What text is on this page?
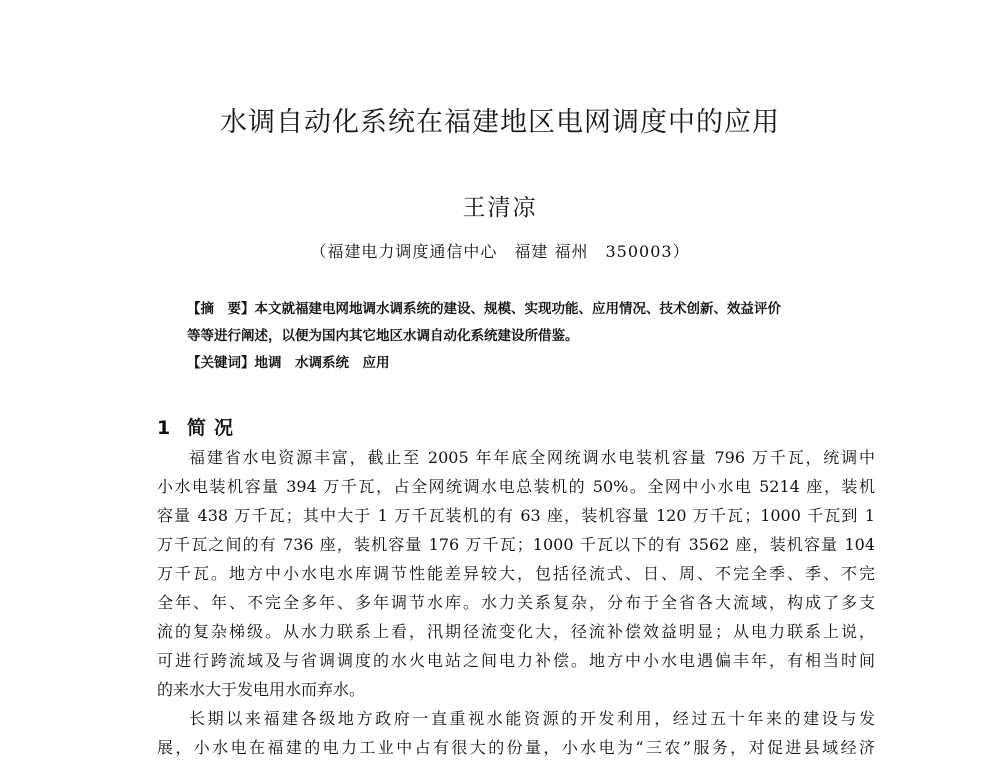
水调自动化系统在福建地区电网调度中的应用
王清凉
（福建电力调度通信中心　福建 福州　350003）

【摘　要】本文就福建电网地调水调系统的建设、规模、实现功能、应用情况、技术创新、效益评价

等等进行阐述，以便为国内其它地区水调自动化系统建设所借鉴。

【关键词】地调　水调系统　应用

1 简况
福建省水电资源丰富，截止至 2005 年年底全网统调水电装机容量 796 万千瓦，统调中
小水电装机容量 394 万千瓦，占全网统调水电总装机的 50%。全网中小水电 5214 座，装机
容量 438 万千瓦；其中大于 1 万千瓦装机的有 63 座，装机容量 120 万千瓦；1000 千瓦到 1
万千瓦之间的有 736 座，装机容量 176 万千瓦；1000 千瓦以下的有 3562 座，装机容量 104
万千瓦。地方中小水电水库调节性能差异较大，包括径流式、日、周、不完全季、季、不完
全年、年、不完全多年、多年调节水库。水力关系复杂，分布于全省各大流域，构成了多支
流的复杂梯级。从水力联系上看，汛期径流变化大，径流补偿效益明显；从电力联系上说，
可进行跨流域及与省调调度的水火电站之间电力补偿。地方中小水电遇偏丰年，有相当时间
的来水大于发电用水而弃水。
长期以来福建各级地方政府一直重视水能资源的开发利用，经过五十年来的建设与发
展，小水电在福建的电力工业中占有很大的份量，小水电为“三农”服务，对促进县域经济
